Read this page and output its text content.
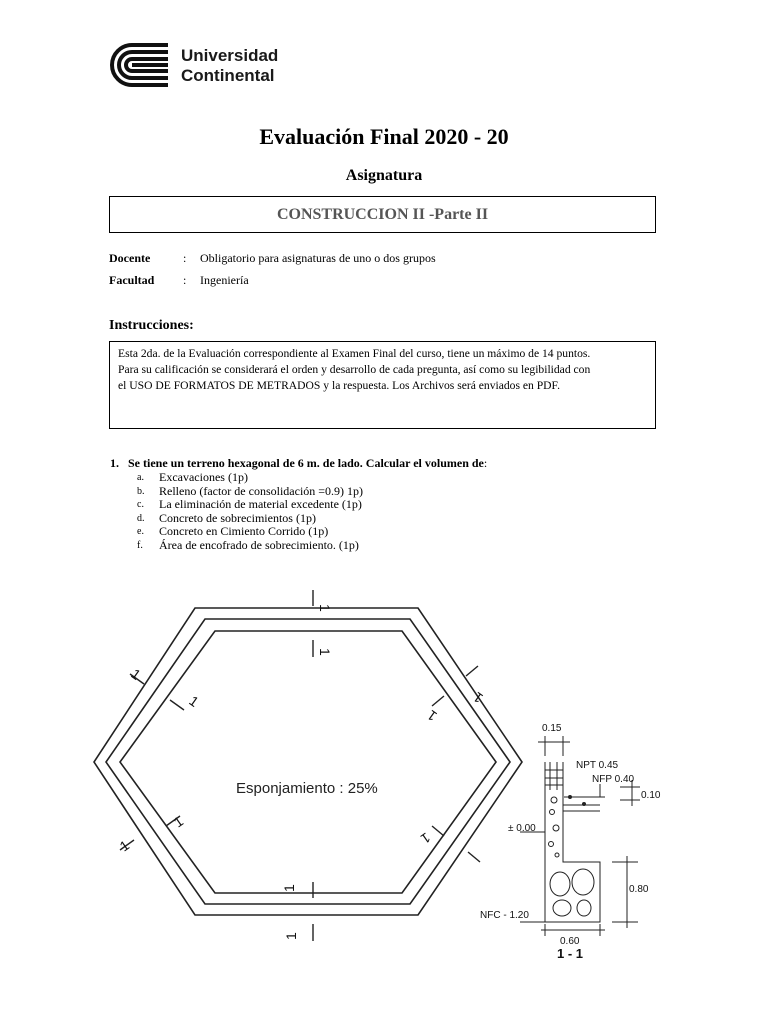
Universidad
Continental
Evaluación Final 2020 - 20
Asignatura
CONSTRUCCION II -Parte II
Docente	: Obligatorio para asignaturas de uno o dos grupos
Facultad : Ingeniería
Instrucciones:
Esta 2da. de la Evaluación correspondiente al Examen Final del curso, tiene un máximo de 14 puntos.
Para su calificación se considerará el orden y desarrollo de cada pregunta, así como su legibilidad con
el USO DE FORMATOS DE METRADOS y la respuesta. Los Archivos será enviados en PDF.
1. Se tiene un terreno hexagonal de 6 m. de lado. Calcular el volumen de:
a.	Excavaciones (1p)
b.	Relleno (factor de consolidación =0.9) 1p)
c.	La eliminación de material excedente (1p)
d.	Concreto de sobrecimientos (1p)
e.	Concreto en Cimiento Corrido (1p)
f.	Área de encofrado de sobrecimiento. (1p)
1
1
1
1
1
1	1
1
1
1	1
Esponjamiento : 25%
0.15
NPT 0.45
NFP 0.40
0.10
± 0.00
0.80
NFC - 1.20
0.60
1 - 1
